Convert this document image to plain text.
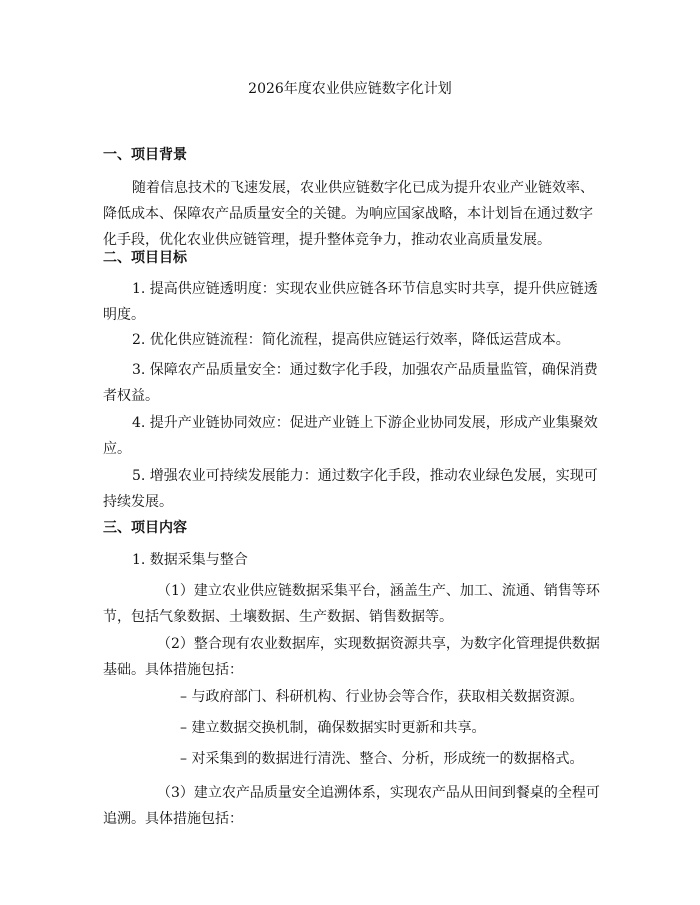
2026年度农业供应链数字化计划
一、项目背景

随着信息技术的飞速发展，农业供应链数字化已成为提升农业产业链效率、降低成本、保障农产品质量安全的关键。为响应国家战略，本计划旨在通过数字化手段，优化农业供应链管理，提升整体竞争力，推动农业高质量发展。

二、项目目标

1. 提高供应链透明度：实现农业供应链各环节信息实时共享，提升供应链透明度。

2. 优化供应链流程：简化流程，提高供应链运行效率，降低运营成本。

3. 保障农产品质量安全：通过数字化手段，加强农产品质量监管，确保消费者权益。

4. 提升产业链协同效应：促进产业链上下游企业协同发展，形成产业集聚效应。

5. 增强农业可持续发展能力：通过数字化手段，推动农业绿色发展，实现可持续发展。

三、项目内容

1. 数据采集与整合

（1）建立农业供应链数据采集平台，涵盖生产、加工、流通、销售等环节，包括气象数据、土壤数据、生产数据、销售数据等。

（2）整合现有农业数据库，实现数据资源共享，为数字化管理提供数据基础。具体措施包括：

– 与政府部门、科研机构、行业协会等合作，获取相关数据资源。

– 建立数据交换机制，确保数据实时更新和共享。

– 对采集到的数据进行清洗、整合、分析，形成统一的数据格式。

（3）建立农产品质量安全追溯体系，实现农产品从田间到餐桌的全程可追溯。具体措施包括：
